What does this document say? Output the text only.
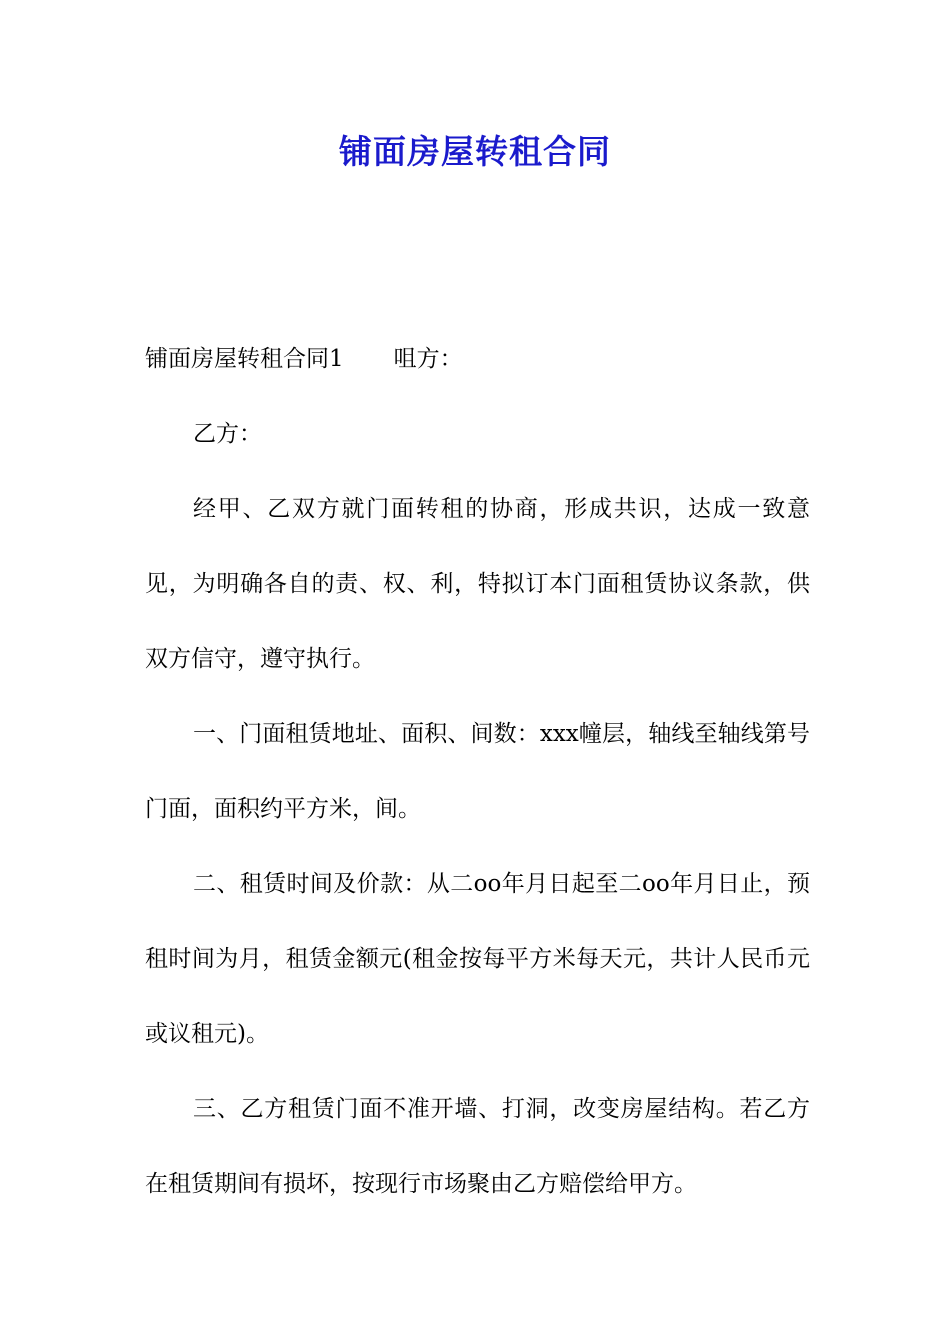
铺面房屋转租合同

铺面房屋转租合同1 咀方：

乙方：

经甲、乙双方就门面转租的协商，形成共识，达成一致意见，为明确各自的责、权、利，特拟订本门面租赁协议条款，供双方信守，遵守执行。

一、门面租赁地址、面积、间数：xxx幢层，轴线至轴线第号门面，面积约平方米，间。

二、租赁时间及价款：从二oo年月日起至二oo年月日止，预租时间为月，租赁金额元(租金按每平方米每天元，共计人民币元或议租元)。

三、乙方租赁门面不准开墙、打洞，改变房屋结构。若乙方在租赁期间有损坏，按现行市场聚由乙方赔偿给甲方。
